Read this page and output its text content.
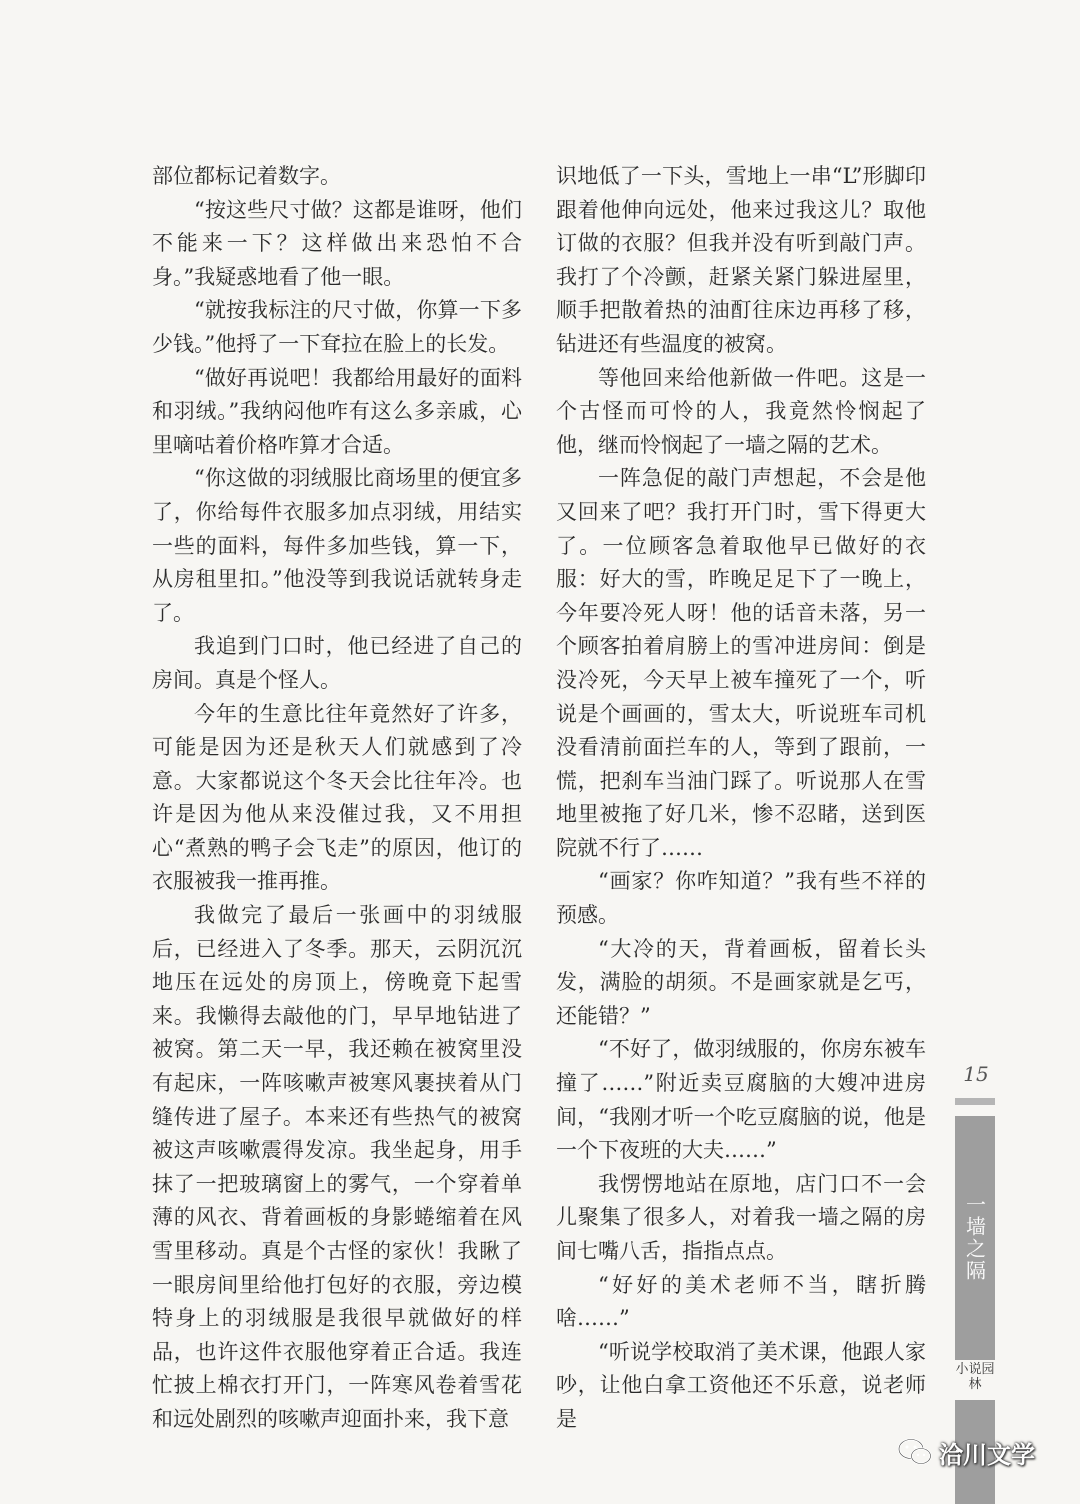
部位都标记着数字。

“按这些尺寸做？这都是谁呀，他们不能来一下？这样做出来恐怕不合身。”我疑惑地看了他一眼。

“就按我标注的尺寸做，你算一下多少钱。”他捋了一下耷拉在脸上的长发。

“做好再说吧！我都给用最好的面料和羽绒。”我纳闷他咋有这么多亲戚，心里嘀咕着价格咋算才合适。

“你这做的羽绒服比商场里的便宜多了，你给每件衣服多加点羽绒，用结实一些的面料，每件多加些钱，算一下，从房租里扣。”他没等到我说话就转身走了。

我追到门口时，他已经进了自己的房间。真是个怪人。

今年的生意比往年竟然好了许多，可能是因为还是秋天人们就感到了冷意。大家都说这个冬天会比往年冷。也许是因为他从来没催过我，又不用担心“煮熟的鸭子会飞走”的原因，他订的衣服被我一推再推。

我做完了最后一张画中的羽绒服后，已经进入了冬季。那天，云阴沉沉地压在远处的房顶上，傍晚竟下起雪来。我懒得去敲他的门，早早地钻进了被窝。第二天一早，我还赖在被窝里没有起床，一阵咳嗽声被寒风裹挟着从门缝传进了屋子。本来还有些热气的被窝被这声咳嗽震得发凉。我坐起身，用手抹了一把玻璃窗上的雾气，一个穿着单薄的风衣、背着画板的身影蜷缩着在风雪里移动。真是个古怪的家伙！我瞅了一眼房间里给他打包好的衣服，旁边模特身上的羽绒服是我很早就做好的样品，也许这件衣服他穿着正合适。我连忙披上棉衣打开门，一阵寒风卷着雪花和远处剧烈的咳嗽声迎面扑来，我下意

识地低了一下头，雪地上一串“L”形脚印跟着他伸向远处，他来过我这儿？取他订做的衣服？但我并没有听到敲门声。我打了个冷颤，赶紧关紧门躲进屋里，顺手把散着热的油酊往床边再移了移，钻进还有些温度的被窝。

等他回来给他新做一件吧。这是一个古怪而可怜的人，我竟然怜悯起了他，继而怜悯起了一墙之隔的艺术。

一阵急促的敲门声想起，不会是他又回来了吧？我打开门时，雪下得更大了。一位顾客急着取他早已做好的衣服：好大的雪，昨晚足足下了一晚上，今年要冷死人呀！他的话音未落，另一个顾客拍着肩膀上的雪冲进房间：倒是没冷死，今天早上被车撞死了一个，听说是个画画的，雪太大，听说班车司机没看清前面拦车的人，等到了跟前，一慌，把刹车当油门踩了。听说那人在雪地里被拖了好几米，惨不忍睹，送到医院就不行了……

“画家？你咋知道？”我有些不祥的预感。

“大冷的天，背着画板，留着长头发，满脸的胡须。不是画家就是乞丐，还能错？”

“不好了，做羽绒服的，你房东被车撞了……”附近卖豆腐脑的大嫂冲进房间，“我刚才听一个吃豆腐脑的说，他是一个下夜班的大夫……”

我愣愣地站在原地，店门口不一会儿聚集了很多人，对着我一墙之隔的房间七嘴八舌，指指点点。

“好好的美术老师不当，瞎折腾啥……”

“听说学校取消了美术课，他跟人家吵，让他白拿工资他还不乐意，说老师是

15
一墙之隔
小说园林
洽川文学
